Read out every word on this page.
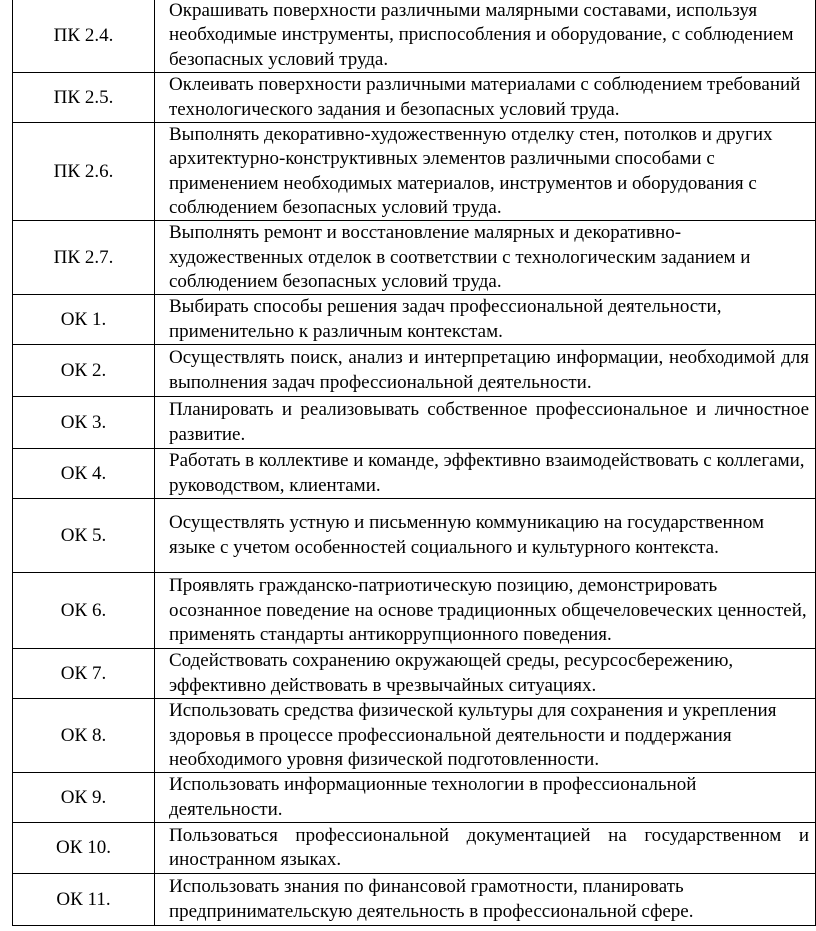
ПК 2.4.	Окрашивать поверхности различными малярными составами, используя необходимые инструменты, приспособления и оборудование, с соблюдением безопасных условий труда.
ПК 2.5.	Оклеивать поверхности различными материалами с соблюдением требований технологического задания и безопасных условий труда.
ПК 2.6.	Выполнять декоративно-художественную отделку стен, потолков и других архитектурно-конструктивных элементов различными способами с применением необходимых материалов, инструментов и оборудования с соблюдением безопасных условий труда.
ПК 2.7.	Выполнять ремонт и восстановление малярных и декоративно-художественных отделок в соответствии с технологическим заданием и соблюдением безопасных условий труда.
ОК 1.	Выбирать способы решения задач профессиональной деятельности, применительно к различным контекстам.
ОК 2.	Осуществлять поиск, анализ и интерпретацию информации, необходимой для выполнения задач профессиональной деятельности.
ОК 3.	Планировать и реализовывать собственное профессиональное и личностное развитие.
ОК 4.	Работать в коллективе и команде, эффективно взаимодействовать с коллегами, руководством, клиентами.
ОК 5.	Осуществлять устную и письменную коммуникацию на государственном языке с учетом особенностей социального и культурного контекста.
ОК 6.	Проявлять гражданско-патриотическую позицию, демонстрировать осознанное поведение на основе традиционных общечеловеческих ценностей, применять стандарты антикоррупционного поведения.
ОК 7.	Содействовать сохранению окружающей среды, ресурсосбережению, эффективно действовать в чрезвычайных ситуациях.
ОК 8.	Использовать средства физической культуры для сохранения и укрепления здоровья в процессе профессиональной деятельности и поддержания необходимого уровня физической подготовленности.
ОК 9.	Использовать информационные технологии в профессиональной деятельности.
ОК 10.	Пользоваться профессиональной документацией на государственном и иностранном языках.
ОК 11.	Использовать знания по финансовой грамотности, планировать предпринимательскую деятельность в профессиональной сфере.
